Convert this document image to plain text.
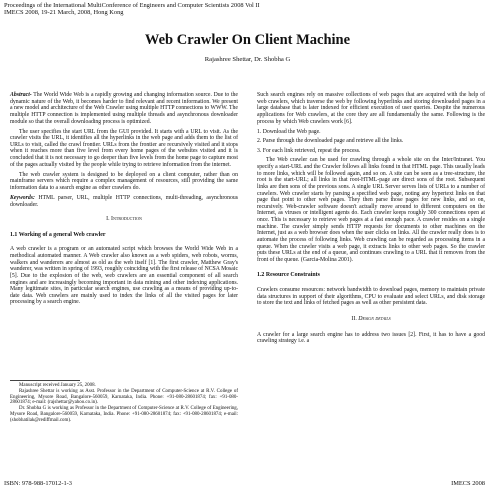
Proceedings of the International MultiConference of Engineers and Computer Scientists 2008 Vol II
IMECS 2008, 19-21 March, 2008, Hong Kong
Web Crawler On Client Machine
Rajashree Shettar, Dr. Shobha G

Abstract- The World Wide Web is a rapidly growing and changing information source. Due to the dynamic nature of the Web, it becomes harder to find relevant and recent information. We present a new model and architecture of the Web Crawler using multiple HTTP connections to WWW. The multiple HTTP connection is implemented using multiple threads and asynchronous downloader module so that the overall downloading process is optimized.

The user specifies the start URL from the GUI provided. It starts with a URL to visit. As the crawler visits the URL, it identifies all the hyperlinks in the web page and adds them to the list of URLs to visit, called the crawl frontier. URLs from the frontier are recursively visited and it stops when it reaches more than five level from every home pages of the websites visited and it is concluded that it is not necessary to go deeper than five levels from the home page to capture most of the pages actually visited by the people while trying to retrieve information from the internet.

The web crawler system is designed to be deployed on a client computer, rather than on mainframe servers which require a complex management of resources, still providing the same information data to a search engine as other crawlers do.

Keywords: HTML parser, URL, multiple HTTP connections, multi-threading, asynchronous downloader.

I. Introduction
1.1 Working of a general Web crawler

A web crawler is a program or an automated script which browses the World Wide Web in a methodical automated manner. A Web crawler also known as a web spiders, web robots, worms, walkers and wanderers are almost as old as the web itself [1]. The first crawler, Matthew Gray's wanderer, was written in spring of 1993, roughly coinciding with the first release of NCSA Mosaic [5]. Due to the explosion of the web, web crawlers are an essential component of all search engines and are increasingly becoming important in data mining and other indexing applications. Many legitimate sites, in particular search engines, use crawling as a means of providing up-to-date data. Web crawlers are mainly used to index the links of all the visited pages for later processing by a search engine.

Manuscript received January 25, 2008.

Rajashree Shettar is working as Asst. Professor in the Department of Computer-Science at R.V. College of Engineering, Mysore Road, Bangalore-560059, Karnataka, India. Phone: +91-080-28601874; fax: +91-080-28601874; e-mail: (rajshettar@yahoo.co.in).

Dr. Shobha G is working as Professor in the Department of Computer-Science at R.V. College of Engineering, Mysore Road, Bangalore-560059, Karnataka, India. Phone: +91-080-28601874; fax: +91-080-28601874; e-mail: (shobhatilak@rediffmail.com).

Such search engines rely on massive collections of web pages that are acquired with the help of web crawlers, which traverse the web by following hyperlinks and storing downloaded pages in a large database that is later indexed for efficient execution of user queries. Despite the numerous applications for Web crawlers, at the core they are all fundamentally the same. Following is the process by which Web crawlers work [6].

1. Download the Web page.
2. Parse through the downloaded page and retrieve all the links.
3. For each link retrieved, repeat the process.

The Web crawler can be used for crawling through a whole site on the Inter/Intranet. You specify a start-URL and the Crawler follows all links found in that HTML page. This usually leads to more links, which will be followed again, and so on. A site can be seen as a tree-structure, the root is the start-URL; all links in that root-HTML-page are direct sons of the root. Subsequent links are then sons of the previous sons. A single URL Server serves lists of URLs to a number of crawlers. Web crawler starts by parsing a specified web page, noting any hypertext links on that page that point to other web pages. They then parse those pages for new links, and so on, recursively. Web-crawler software doesn't actually move around to different computers on the Internet, as viruses or intelligent agents do. Each crawler keeps roughly 300 connections open at once. This is necessary to retrieve web pages at a fast enough pace. A crawler resides on a single machine. The crawler simply sends HTTP requests for documents to other machines on the Internet, just as a web browser does when the user clicks on links. All the crawler really does is to automate the process of following links. Web crawling can be regarded as processing items in a queue. When the crawler visits a web page, it extracts links to other web pages. So the crawler puts these URLs at the end of a queue, and continues crawling to a URL that it removes from the front of the queue. (Garcia-Molina 2001).

1.2 Resource Constraints

Crawlers consume resources: network bandwidth to download pages, memory to maintain private data structures in support of their algorithms, CPU to evaluate and select URLs, and disk storage to store the text and links of fetched pages as well as other persistent data.

II. Design details

A crawler for a large search engine has to address two issues [2]. First, it has to have a good crawling strategy i.e. a

ISBN: 978-988-17012-1-3	IMECS 2008
